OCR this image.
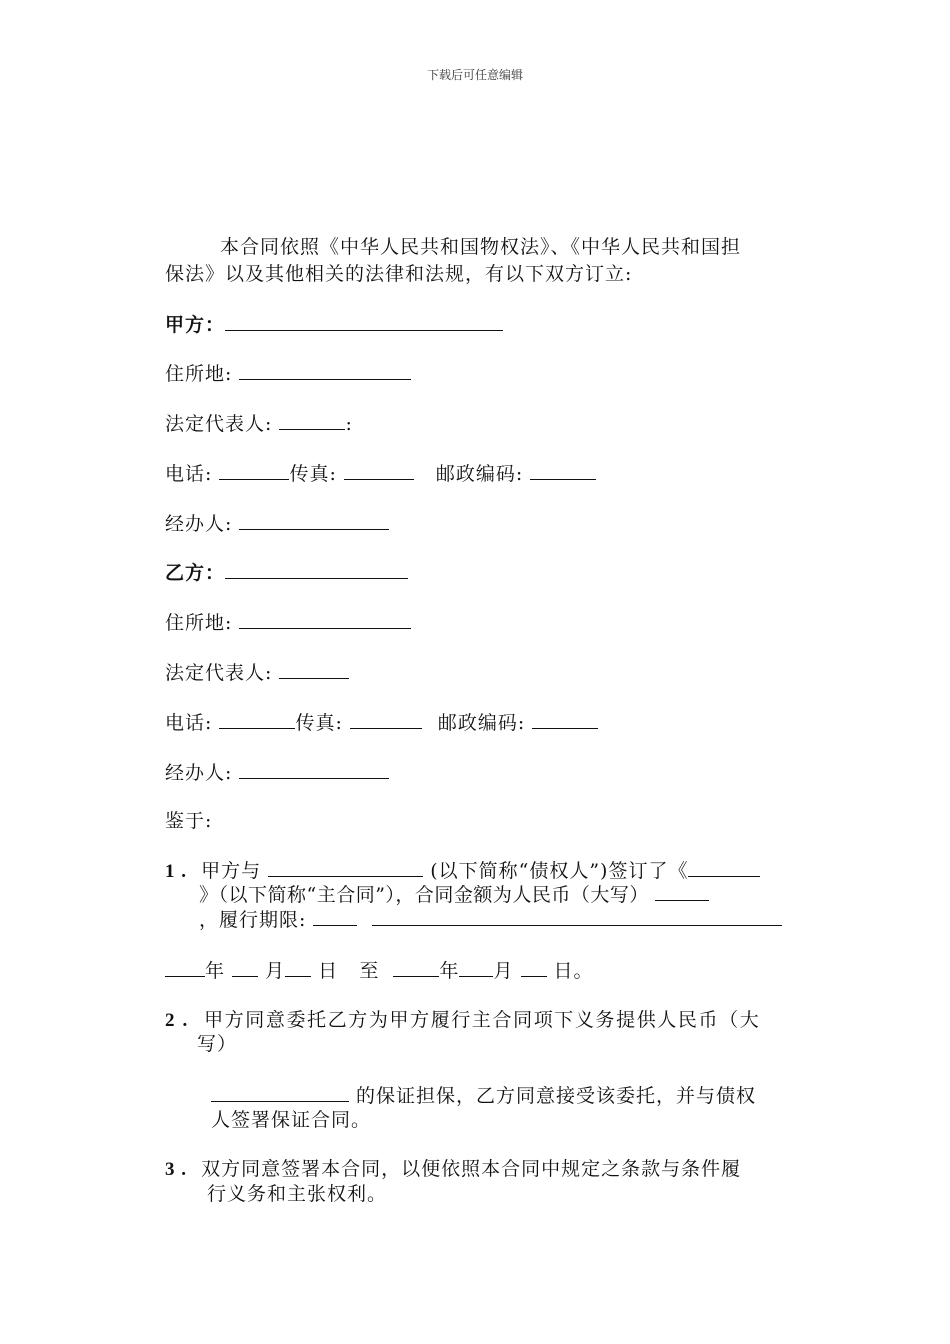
下载后可任意编辑
本合同依照《中华人民共和国物权法》、《中华人民共和国担
保法》以及其他相关的法律和法规，有以下双方订立:
甲方：
住所地:
法定代表人:	:
电话:	传真:	邮政编码:
经办人:
乙方：
住所地:
法定代表人:
电话:	传真:	邮政编码:
经办人:
鉴于:
1 . 甲方与	(以下简称“债权人”)签订了《
》（以下简称“主合同”），合同金额为人民币（大写）
，履行期限:
年 月 日 至	年 月 日。
2 . 甲方同意委托乙方为甲方履行主合同项下义务提供人民币（大
写）
的保证担保，乙方同意接受该委托，并与债权
人签署保证合同。
3 . 双方同意签署本合同，以便依照本合同中规定之条款与条件履
行义务和主张权利。
